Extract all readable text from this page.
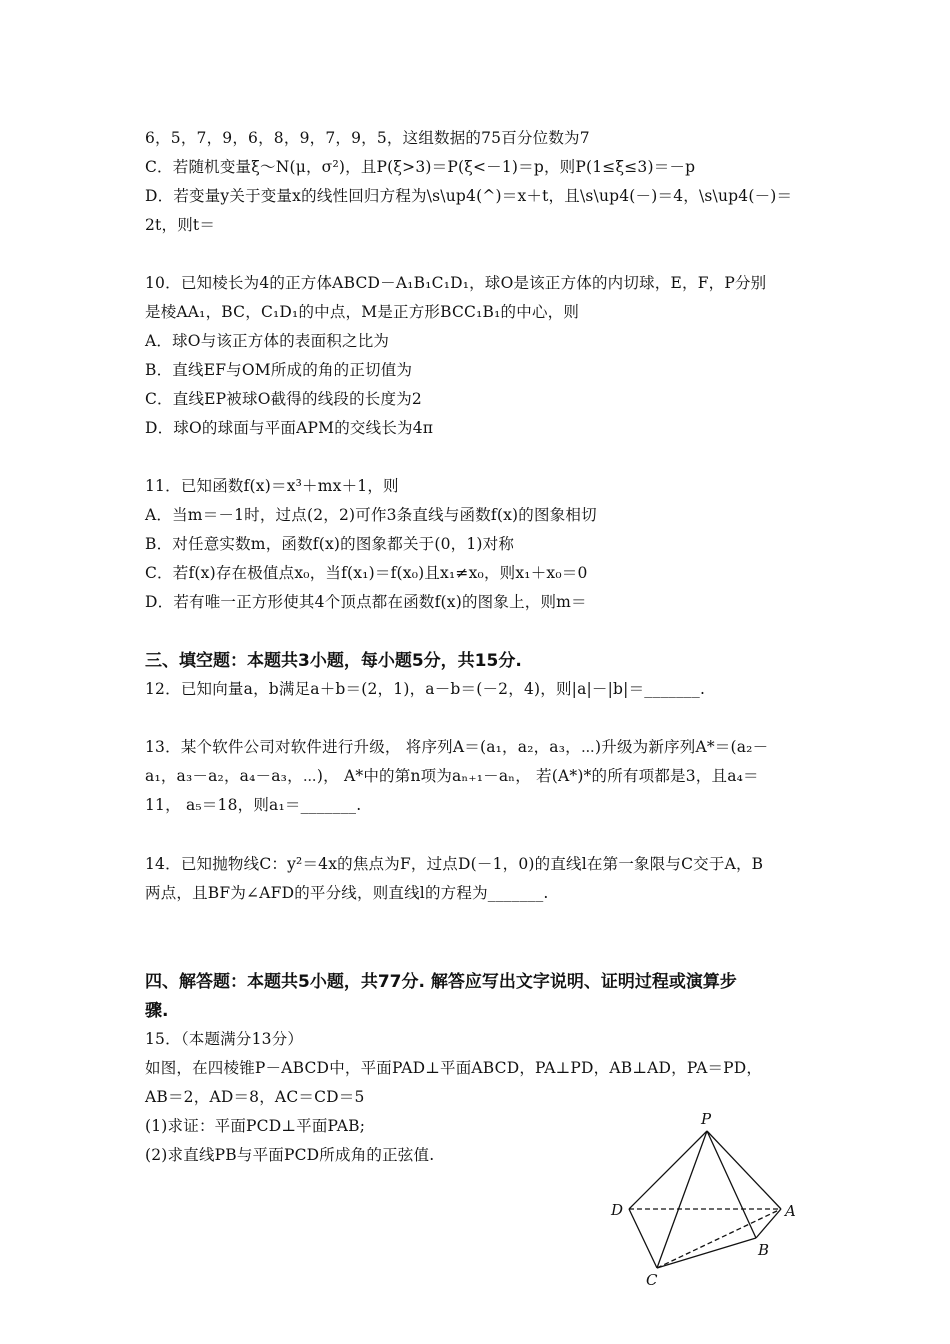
6，5，7，9，6，8，9，7，9，5，这组数据的75百分位数为7
C．若随机变量ξ～N(μ，σ²)，且P(ξ>3)＝P(ξ<－1)＝p，则P(1≤ξ≤3)＝－p
D．若变量y关于变量x的线性回归方程为\s\up4(^)＝x＋t，且\s\up4(－)＝4，\s\up4(－)＝
2t，则t＝
10．已知棱长为4的正方体ABCD－A₁B₁C₁D₁，球O是该正方体的内切球，E，F，P分别
是棱AA₁，BC，C₁D₁的中点，M是正方形BCC₁B₁的中心，则
A．球O与该正方体的表面积之比为
B．直线EF与OM所成的角的正切值为
C．直线EP被球O截得的线段的长度为2
D．球O的球面与平面APM的交线长为4π
11．已知函数f(x)＝x³＋mx＋1，则
A．当m＝－1时，过点(2，2)可作3条直线与函数f(x)的图象相切
B．对任意实数m，函数f(x)的图象都关于(0，1)对称
C．若f(x)存在极值点x₀，当f(x₁)＝f(x₀)且x₁≠x₀，则x₁＋x₀＝0
D．若有唯一正方形使其4个顶点都在函数f(x)的图象上，则m＝
三、填空题：本题共3小题，每小题5分，共15分.
12．已知向量a，b满足a＋b＝(2，1)，a－b＝(－2，4)，则|a|－|b|＝_______.
13．某个软件公司对软件进行升级， 将序列A＝(a₁，a₂，a₃，⋯)升级为新序列A*＝(a₂－
a₁，a₃－a₂，a₄－a₃，⋯)， A*中的第n项为aₙ₊₁－aₙ， 若(A*)*的所有项都是3，且a₄＝
11， a₅＝18，则a₁＝_______.
14．已知抛物线C：y²＝4x的焦点为F，过点D(－1，0)的直线l在第一象限与C交于A，B
两点，且BF为∠AFD的平分线，则直线l的方程为_______.
四、解答题：本题共5小题，共77分. 解答应写出文字说明、证明过程或演算步
骤.
15．（本题满分13分）
如图，在四棱锥P－ABCD中，平面PAD⊥平面ABCD，PA⊥PD，AB⊥AD，PA＝PD，
AB＝2，AD＝8，AC＝CD＝5
(1)求证：平面PCD⊥平面PAB;
(2)求直线PB与平面PCD所成角的正弦值.
P
D	A
B
C
